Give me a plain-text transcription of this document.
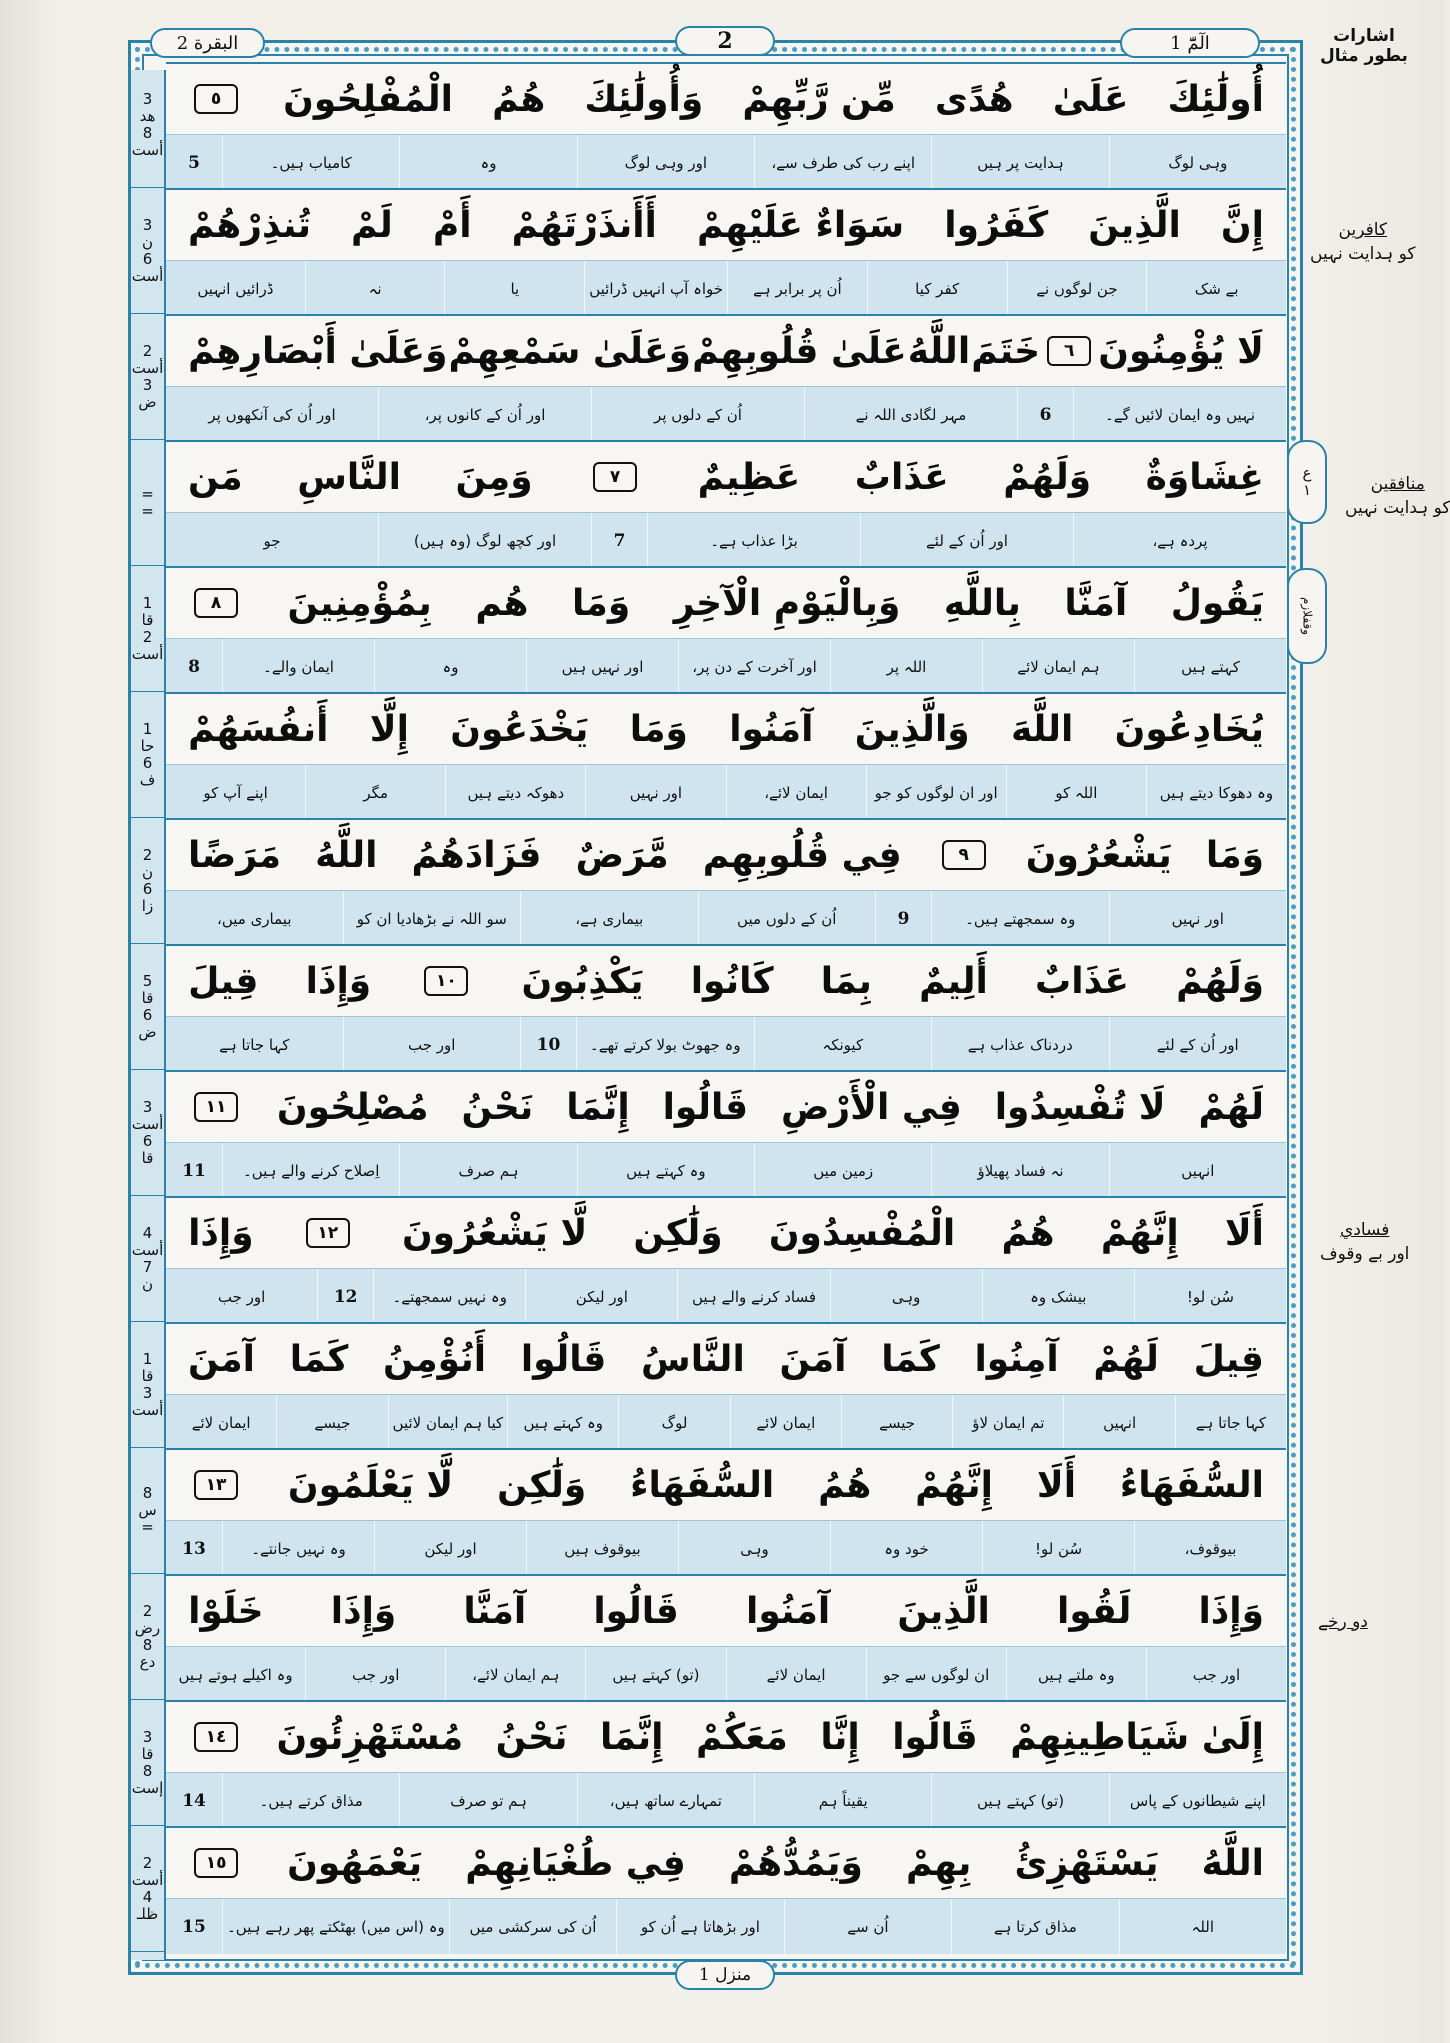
البقرة 2	2	الٓمّٓ 1
منزل 1
اشارات
بطور مثال
كافرين
كو ہدايت نہيں
منافقين
كو ہدايت نہيں
فسادي
اور بے وقوف
دو رخے
ع
١
وقفلازم
3
هد
8
أست
3
ن
6
أست
2
أست
3
ض
=
=
1
قا
2
أست
1
حا
6
ف
2
ن
6
زا
5
قا
6
ض
3
أست
6
قا
4
أست
7
ن
1
قا
3
أست
8
س
=
2
رض
8
دع
3
قا
8
إست
2
أست
4
ظلـ
أُولَٰئِكَ
عَلَىٰ
هُدًى
مِّن رَّبِّهِمْ
وَأُولَٰئِكَ
هُمُ
الْمُفْلِحُونَ
٥
وہی لوگ
ہدایت پر ہیں
اپنے رب کی طرف سے،
اور وہی لوگ
وہ
کامیاب ہیں۔
5
إِنَّ
الَّذِينَ
كَفَرُوا
سَوَاءٌ عَلَيْهِمْ
أَأَنذَرْتَهُمْ
أَمْ
لَمْ
تُنذِرْهُمْ
بے شک
جن لوگوں نے
کفر کیا
اُن پر برابر ہے
خواہ آپ انہیں ڈرائیں
یا
نہ
ڈرائیں انہیں
لَا يُؤْمِنُونَ
٦
خَتَمَ
اللَّهُ
عَلَىٰ قُلُوبِهِمْ
وَعَلَىٰ سَمْعِهِمْ
وَعَلَىٰ أَبْصَارِهِمْ
نہیں وہ ایمان لائیں گے۔
6
مہر لگادی اللہ نے
اُن کے دلوں پر
اور اُن کے کانوں پر،
اور اُن کی آنکھوں پر
غِشَاوَةٌ
وَلَهُمْ
عَذَابٌ
عَظِيمٌ
٧
وَمِنَ
النَّاسِ
مَن
پردہ ہے،
اور اُن کے لئے
بڑا عذاب ہے۔
7
اور کچھ لوگ (وہ ہیں)
جو
يَقُولُ
آمَنَّا
بِاللَّهِ
وَبِالْيَوْمِ الْآخِرِ
وَمَا
هُم
بِمُؤْمِنِينَ
٨
کہتے ہیں
ہم ایمان لائے
اللہ پر
اور آخرت کے دن پر،
اور نہیں ہیں
وہ
ایمان والے۔
8
يُخَادِعُونَ
اللَّهَ
وَالَّذِينَ
آمَنُوا
وَمَا
يَخْدَعُونَ
إِلَّا
أَنفُسَهُمْ
وہ دھوکا دیتے ہیں
اللہ کو
اور ان لوگوں کو جو
ایمان لائے،
اور نہیں
دھوکہ دیتے ہیں
مگر
اپنے آپ کو
وَمَا
يَشْعُرُونَ
٩
فِي قُلُوبِهِم
مَّرَضٌ
فَزَادَهُمُ
اللَّهُ
مَرَضًا
اور نہیں
وہ سمجھتے ہیں۔
9
اُن کے دلوں میں
بیماری ہے،
سو اللہ نے بڑھادیا ان کو
بیماری میں،
وَلَهُمْ
عَذَابٌ
أَلِيمٌ
بِمَا
كَانُوا
يَكْذِبُونَ
١٠
وَإِذَا
قِيلَ
اور اُن کے لئے
دردناک عذاب ہے
کیونکہ
وہ جھوٹ بولا کرتے تھے۔
10
اور جب
کہا جاتا ہے
لَهُمْ
لَا تُفْسِدُوا
فِي الْأَرْضِ
قَالُوا
إِنَّمَا
نَحْنُ
مُصْلِحُونَ
١١
انہیں
نہ فساد پھیلاؤ
زمین میں
وہ کہتے ہیں
ہم صرف
اِصلاح کرنے والے ہیں۔
11
أَلَا
إِنَّهُمْ
هُمُ
الْمُفْسِدُونَ
وَلَٰكِن
لَّا يَشْعُرُونَ
١٢
وَإِذَا
سُن لو!
بیشک وہ
وہی
فساد کرنے والے ہیں
اور لیکن
وہ نہیں سمجھتے۔
12
اور جب
قِيلَ
لَهُمْ
آمِنُوا
كَمَا
آمَنَ
النَّاسُ
قَالُوا
أَنُؤْمِنُ
كَمَا
آمَنَ
کہا جاتا ہے
انہیں
تم ایمان لاؤ
جیسے
ایمان لائے
لوگ
وہ کہتے ہیں
کیا ہم ایمان لائیں
جیسے
ایمان لائے
السُّفَهَاءُ
أَلَا
إِنَّهُمْ
هُمُ
السُّفَهَاءُ
وَلَٰكِن
لَّا يَعْلَمُونَ
١٣
بیوقوف،
سُن لو!
خود وہ
وہی
بیوقوف ہیں
اور لیکن
وہ نہیں جانتے۔
13
وَإِذَا
لَقُوا
الَّذِينَ
آمَنُوا
قَالُوا
آمَنَّا
وَإِذَا
خَلَوْا
اور جب
وہ ملتے ہیں
ان لوگوں سے جو
ایمان لائے
(تو) کہتے ہیں
ہم ایمان لائے،
اور جب
وہ اکیلے ہوتے ہیں
إِلَىٰ شَيَاطِينِهِمْ
قَالُوا
إِنَّا
مَعَكُمْ
إِنَّمَا
نَحْنُ
مُسْتَهْزِئُونَ
١٤
اپنے شیطانوں کے پاس
(تو) کہتے ہیں
یقیناً ہم
تمہارے ساتھ ہیں،
ہم تو صرف
مذاق کرتے ہیں۔
14
اللَّهُ
يَسْتَهْزِئُ
بِهِمْ
وَيَمُدُّهُمْ
فِي طُغْيَانِهِمْ
يَعْمَهُونَ
١٥
اللہ
مذاق کرتا ہے
اُن سے
اور بڑھاتا ہے اُن کو
اُن کی سرکشی میں
وہ (اس میں) بھٹکتے پھر رہے ہیں۔
15
